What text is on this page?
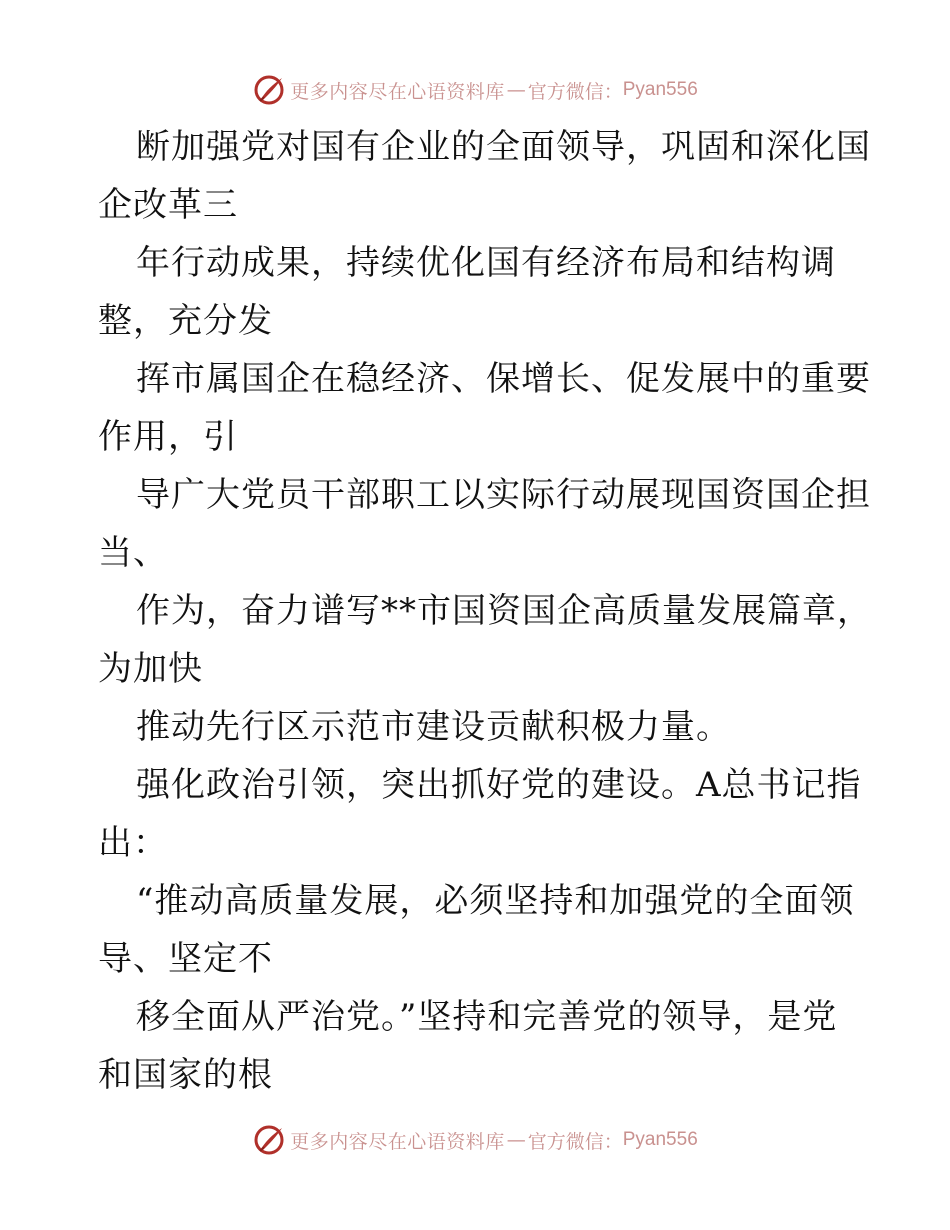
更多内容尽在心语资料库 — 官方微信： Pyan556
断加强党对国有企业的全面领导，巩固和深化国
企改革三
年行动成果，持续优化国有经济布局和结构调
整，充分发
挥市属国企在稳经济、保增长、促发展中的重要
作用，引
导广大党员干部职工以实际行动展现国资国企担
当、
作为，奋力谱写**市国资国企高质量发展篇章，
为加快
推动先行区示范市建设贡献积极力量。
强化政治引领，突出抓好党的建设。A总书记指
出：
“推动高质量发展，必须坚持和加强党的全面领
导、坚定不
移全面从严治党。”坚持和完善党的领导，是党
和国家的根
更多内容尽在心语资料库 — 官方微信： Pyan556
